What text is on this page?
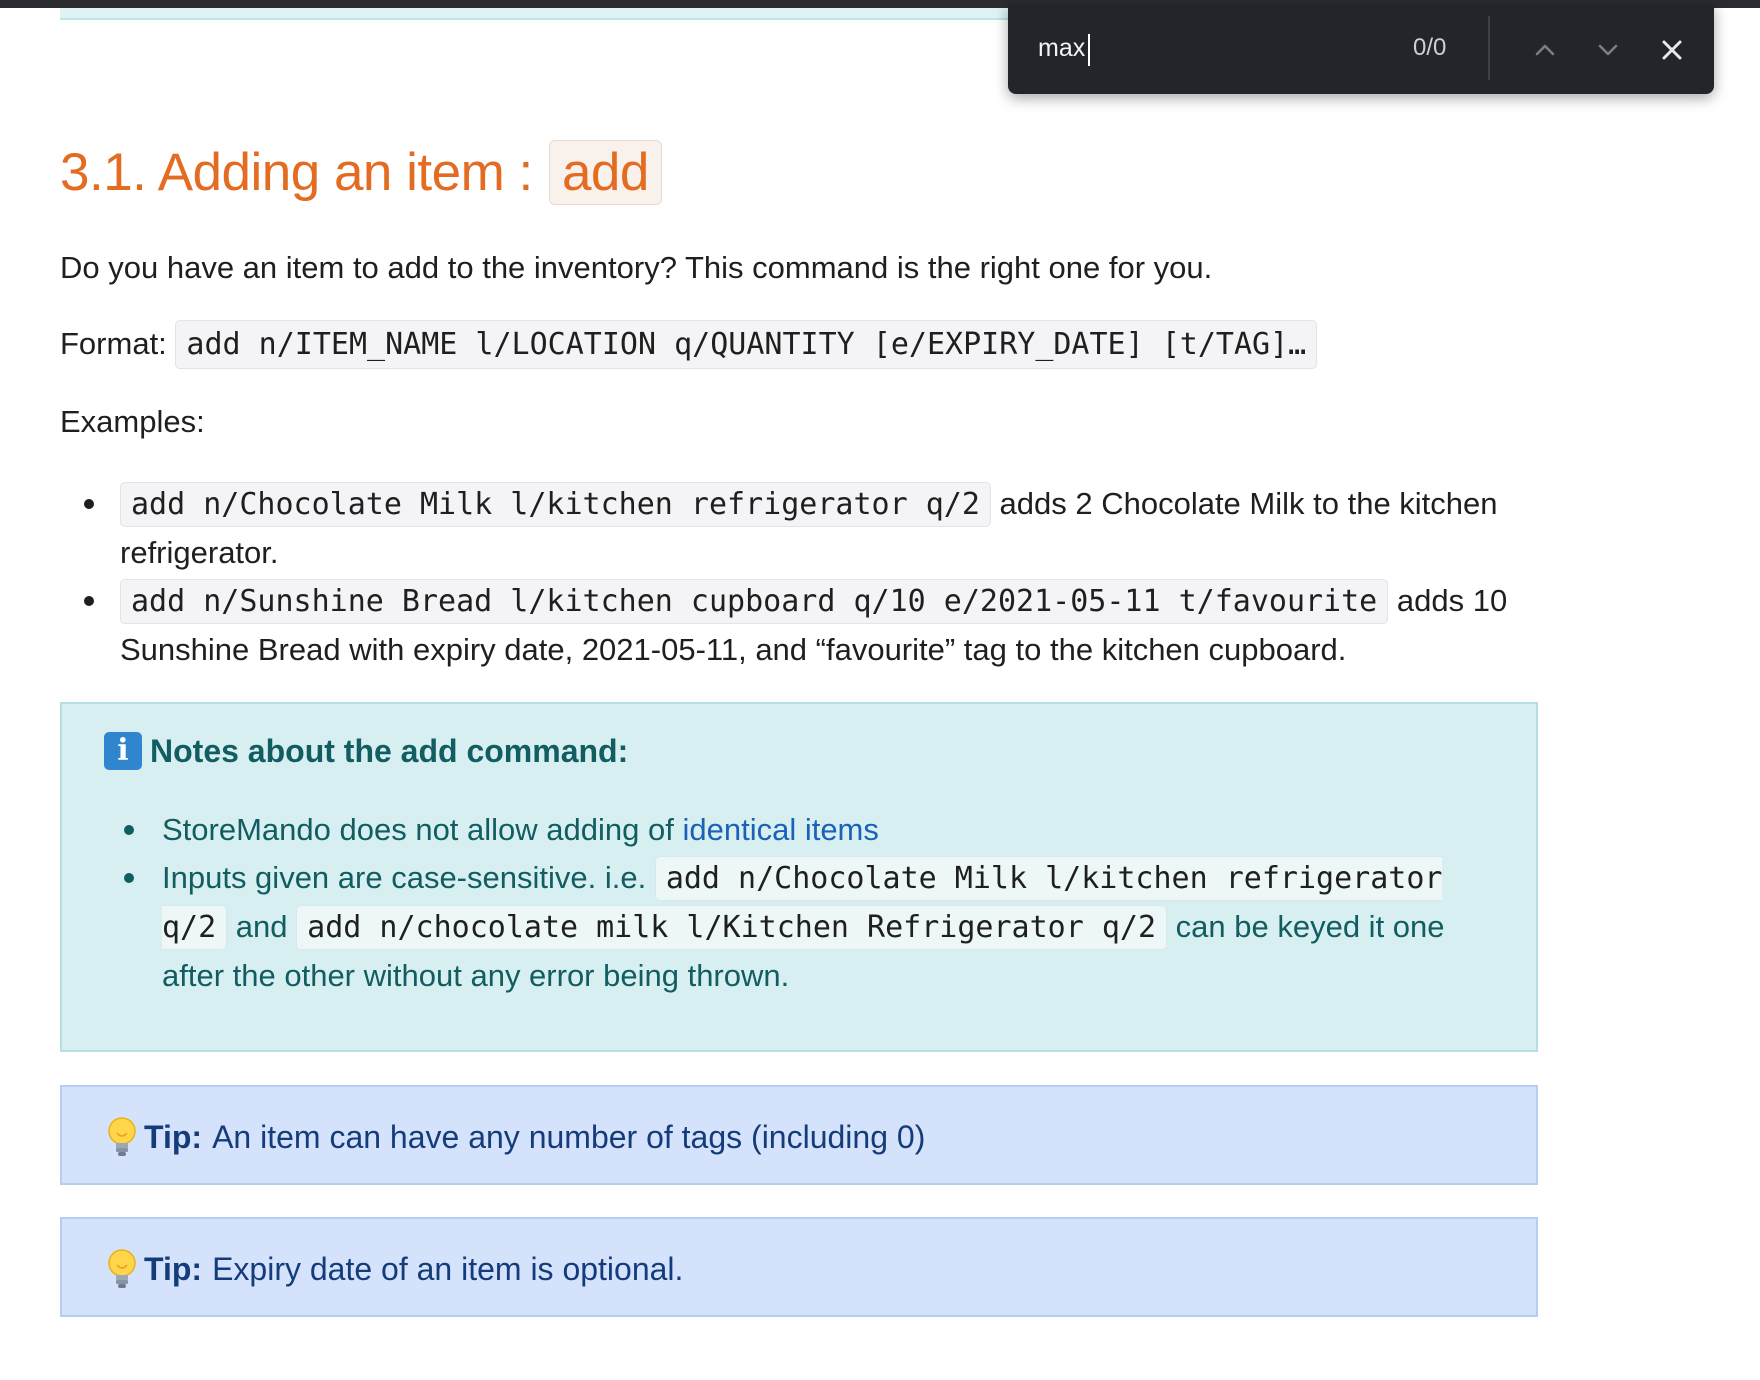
3.1. Adding an item : add

Do you have an item to add to the inventory? This command is the right one for you.

Format: add n/ITEM_NAME l/LOCATION q/QUANTITY [e/EXPIRY_DATE] [t/TAG]…

Examples:

add n/Chocolate Milk l/kitchen refrigerator q/2 adds 2 Chocolate Milk to the kitchen refrigerator.
add n/Sunshine Bread l/kitchen cupboard q/10 e/2021-05-11 t/favourite adds 10 Sunshine Bread with expiry date, 2021-05-11, and “favourite” tag to the kitchen cupboard.
i Notes about the add command:
StoreMando does not allow adding of identical items
Inputs given are case-sensitive. i.e. add n/Chocolate Milk l/kitchen refrigerator q/2 and add n/chocolate milk l/Kitchen Refrigerator q/2 can be keyed it one after the other without any error being thrown.
Tip: An item can have any number of tags (including 0)
Tip: Expiry date of an item is optional.
max
0/0
